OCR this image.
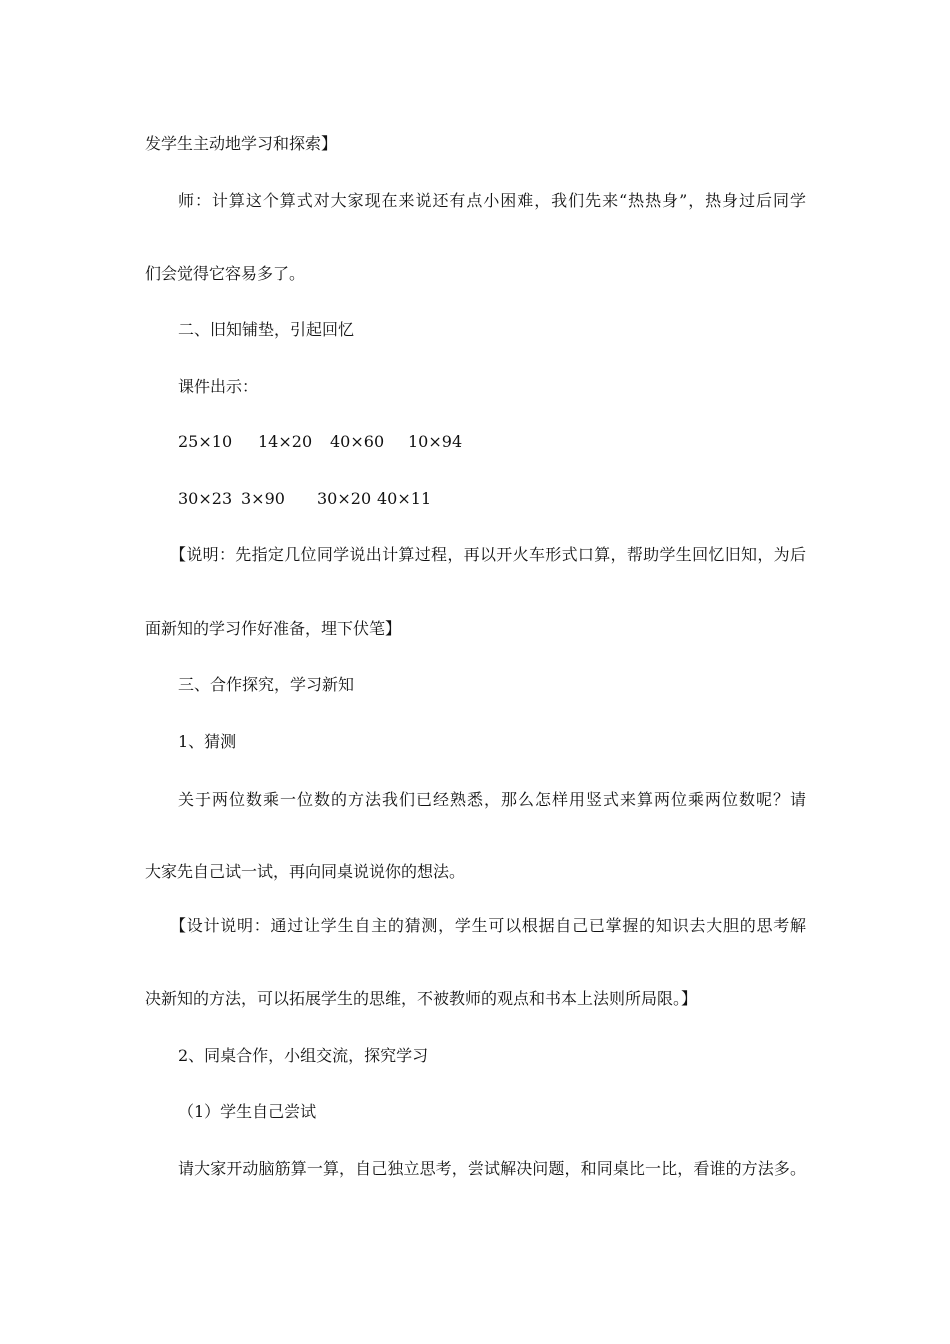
发学生主动地学习和探索】
师：计算这个算式对大家现在来说还有点小困难，我们先来“热热身”，热身过后同学
们会觉得它容易多了。
二、旧知铺垫，引起回忆
课件出示：
25×10 14×20 40×60 10×94
30×23 3×90 30×20 40×11
【说明：先指定几位同学说出计算过程，再以开火车形式口算，帮助学生回忆旧知，为后
面新知的学习作好准备，埋下伏笔】
三、合作探究，学习新知
1、猜测
关于两位数乘一位数的方法我们已经熟悉，那么怎样用竖式来算两位乘两位数呢？请
大家先自己试一试，再向同桌说说你的想法。
【设计说明：通过让学生自主的猜测，学生可以根据自己已掌握的知识去大胆的思考解
决新知的方法，可以拓展学生的思维，不被教师的观点和书本上法则所局限。】
2、同桌合作，小组交流，探究学习
（1）学生自己尝试
请大家开动脑筋算一算，自己独立思考，尝试解决问题，和同桌比一比，看谁的方法多。
